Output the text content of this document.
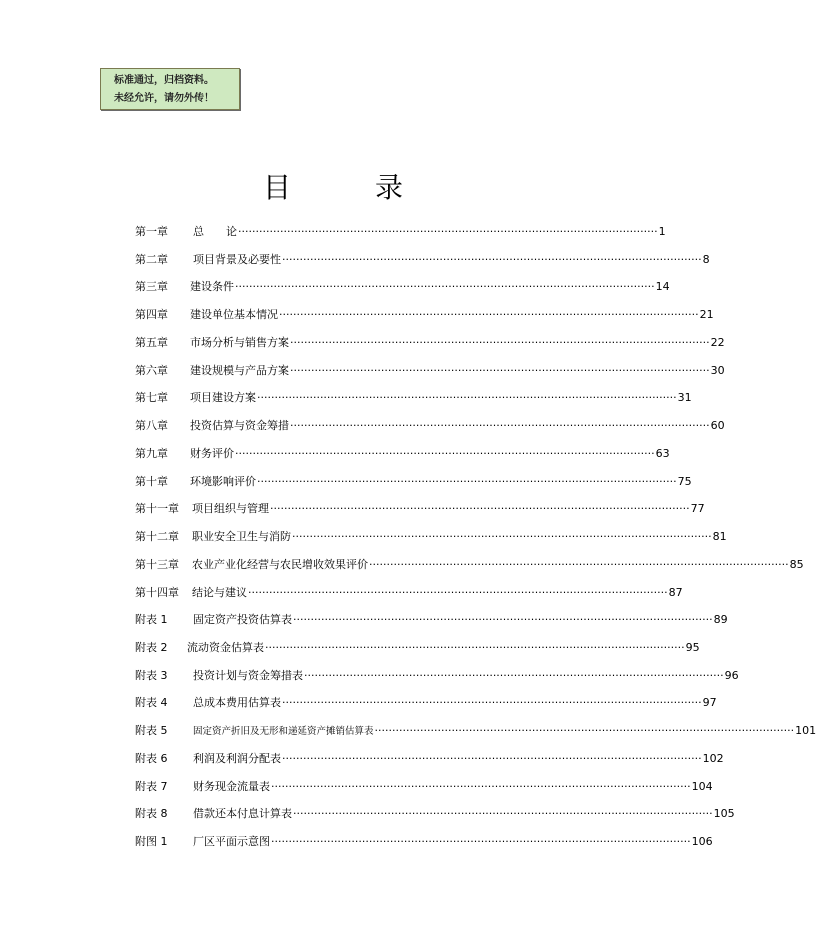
标准通过，归档资料。
未经允许，请勿外传！
目	录
第一章 总　　论 ························································································································ 1
第二章 项目背景及必要性 ························································································································ 8
第三章 建设条件 ························································································································ 14
第四章 建设单位基本情况 ························································································································ 21
第五章 市场分析与销售方案 ························································································································ 22
第六章 建设规模与产品方案 ························································································································ 30
第七章 项目建设方案 ························································································································ 31
第八章 投资估算与资金筹措 ························································································································ 60
第九章 财务评价 ························································································································ 63
第十章 环境影响评价 ························································································································ 75
第十一章 项目组织与管理 ························································································································ 77
第十二章 职业安全卫生与消防 ························································································································ 81
第十三章 农业产业化经营与农民增收效果评价 ························································································································ 85
第十四章 结论与建议 ························································································································ 87
附表 1 固定资产投资估算表 ························································································································ 89
附表 2 流动资金估算表 ························································································································ 95
附表 3 投资计划与资金筹措表 ························································································································ 96
附表 4 总成本费用估算表 ························································································································ 97
附表 5	固定资产折旧及无形和递延资产摊销估算表 ························································································································ 101
附表 6 利润及利润分配表 ························································································································ 102
附表 7 财务现金流量表 ························································································································ 104
附表 8 借款还本付息计算表 ························································································································ 105
附图 1 厂区平面示意图 ························································································································ 106
